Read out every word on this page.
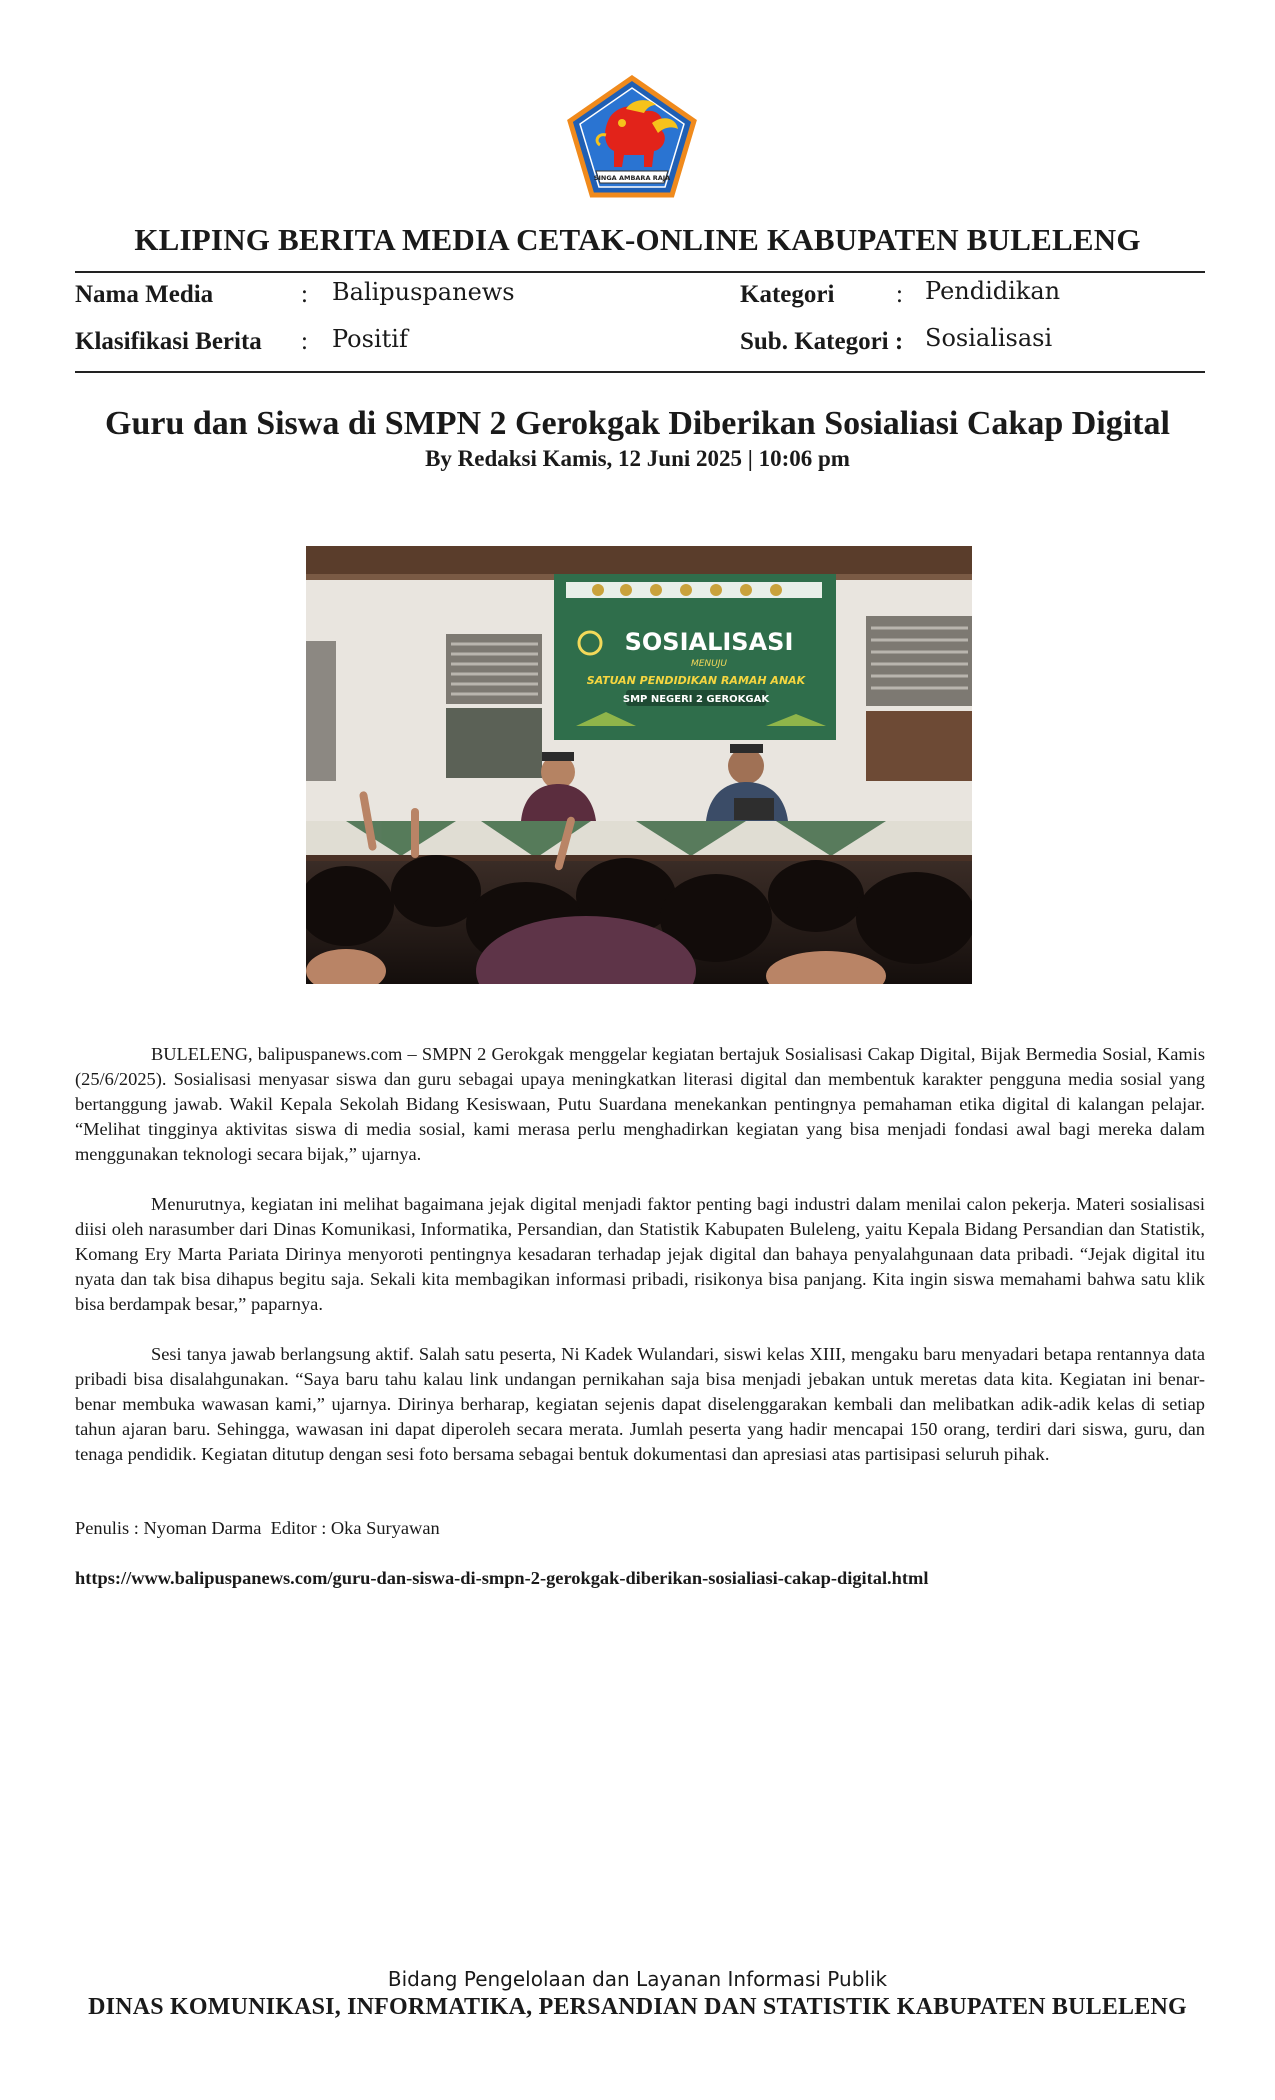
SINGA AMBARA RAJA
KLIPING BERITA MEDIA CETAK-ONLINE KABUPATEN BULELENG
Nama Media	: Balipuspanews	Kategori : Pendidikan
Klasifikasi Berita : Positif	Sub. Kategori : Sosialisasi
Guru dan Siswa di SMPN 2 Gerokgak Diberikan Sosialiasi Cakap Digital
By Redaksi Kamis, 12 Juni 2025 | 10:06 pm
SOSIALISASI
MENUJU
SATUAN PENDIDIKAN RAMAH ANAK
SMP NEGERI 2 GEROKGAK

BULELENG, balipuspanews.com – SMPN 2 Gerokgak menggelar kegiatan bertajuk Sosialisasi Cakap Digital, Bijak Bermedia Sosial, Kamis (25/6/2025). Sosialisasi menyasar siswa dan guru sebagai upaya meningkatkan literasi digital dan membentuk karakter pengguna media sosial yang bertanggung jawab. Wakil Kepala Sekolah Bidang Kesiswaan, Putu Suardana menekankan pentingnya pemahaman etika digital di kalangan pelajar. “Melihat tingginya aktivitas siswa di media sosial, kami merasa perlu menghadirkan kegiatan yang bisa menjadi fondasi awal bagi mereka dalam menggunakan teknologi secara bijak,” ujarnya.

Menurutnya, kegiatan ini melihat bagaimana jejak digital menjadi faktor penting bagi industri dalam menilai calon pekerja. Materi sosialisasi diisi oleh narasumber dari Dinas Komunikasi, Informatika, Persandian, dan Statistik Kabupaten Buleleng, yaitu Kepala Bidang Persandian dan Statistik, Komang Ery Marta Pariata Dirinya menyoroti pentingnya kesadaran terhadap jejak digital dan bahaya penyalahgunaan data pribadi. “Jejak digital itu nyata dan tak bisa dihapus begitu saja. Sekali kita membagikan informasi pribadi, risikonya bisa panjang. Kita ingin siswa memahami bahwa satu klik bisa berdampak besar,” paparnya.

Sesi tanya jawab berlangsung aktif. Salah satu peserta, Ni Kadek Wulandari, siswi kelas XIII, mengaku baru menyadari betapa rentannya data pribadi bisa disalahgunakan. “Saya baru tahu kalau link undangan pernikahan saja bisa menjadi jebakan untuk meretas data kita. Kegiatan ini benar-benar membuka wawasan kami,” ujarnya. Dirinya berharap, kegiatan sejenis dapat diselenggarakan kembali dan melibatkan adik-adik kelas di setiap tahun ajaran baru. Sehingga, wawasan ini dapat diperoleh secara merata. Jumlah peserta yang hadir mencapai 150 orang, terdiri dari siswa, guru, dan tenaga pendidik. Kegiatan ditutup dengan sesi foto bersama sebagai bentuk dokumentasi dan apresiasi atas partisipasi seluruh pihak.

Penulis : Nyoman Darma  Editor : Oka Suryawan
https://www.balipuspanews.com/guru-dan-siswa-di-smpn-2-gerokgak-diberikan-sosialiasi-cakap-digital.html
Bidang Pengelolaan dan Layanan Informasi Publik
DINAS KOMUNIKASI, INFORMATIKA, PERSANDIAN DAN STATISTIK KABUPATEN BULELENG
